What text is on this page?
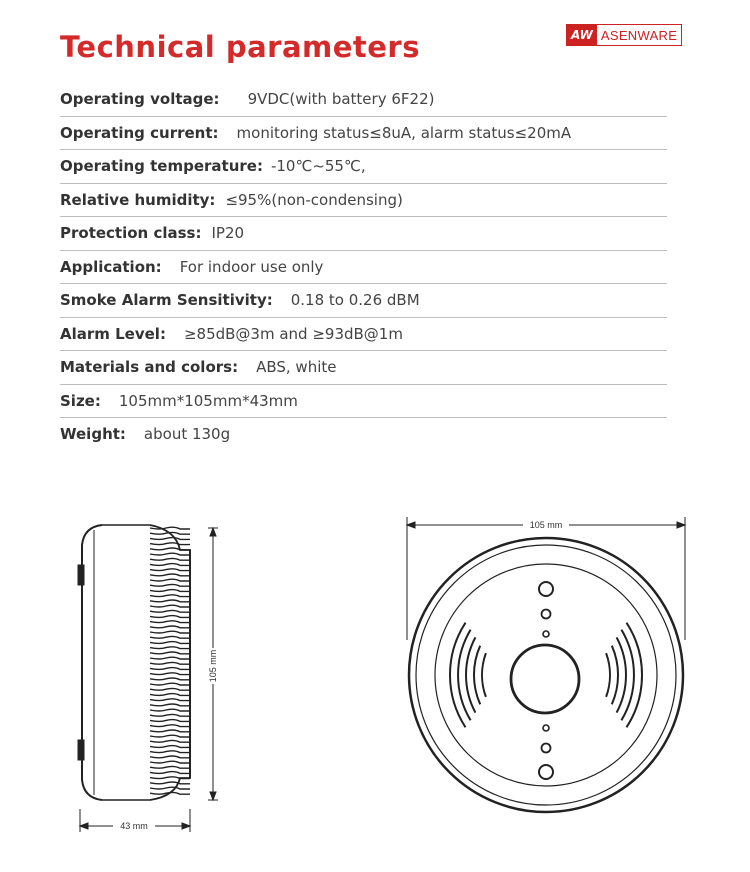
Technical parameters	AW ASENWARE
Operating voltage: 9VDC(with battery 6F22)
Operating current: monitoring status≤8uA, alarm status≤20mA
Operating temperature: -10℃~55℃,
Relative humidity: ≤95%(non-condensing)
Protection class: IP20
Application: For indoor use only
Smoke Alarm Sensitivity: 0.18 to 0.26 dBM
Alarm Level: ≥85dB@3m and ≥93dB@1m
Materials and colors: ABS, white
Size: 105mm*105mm*43mm
Weight: about 130g
105 mm
43 mm
105 mm
